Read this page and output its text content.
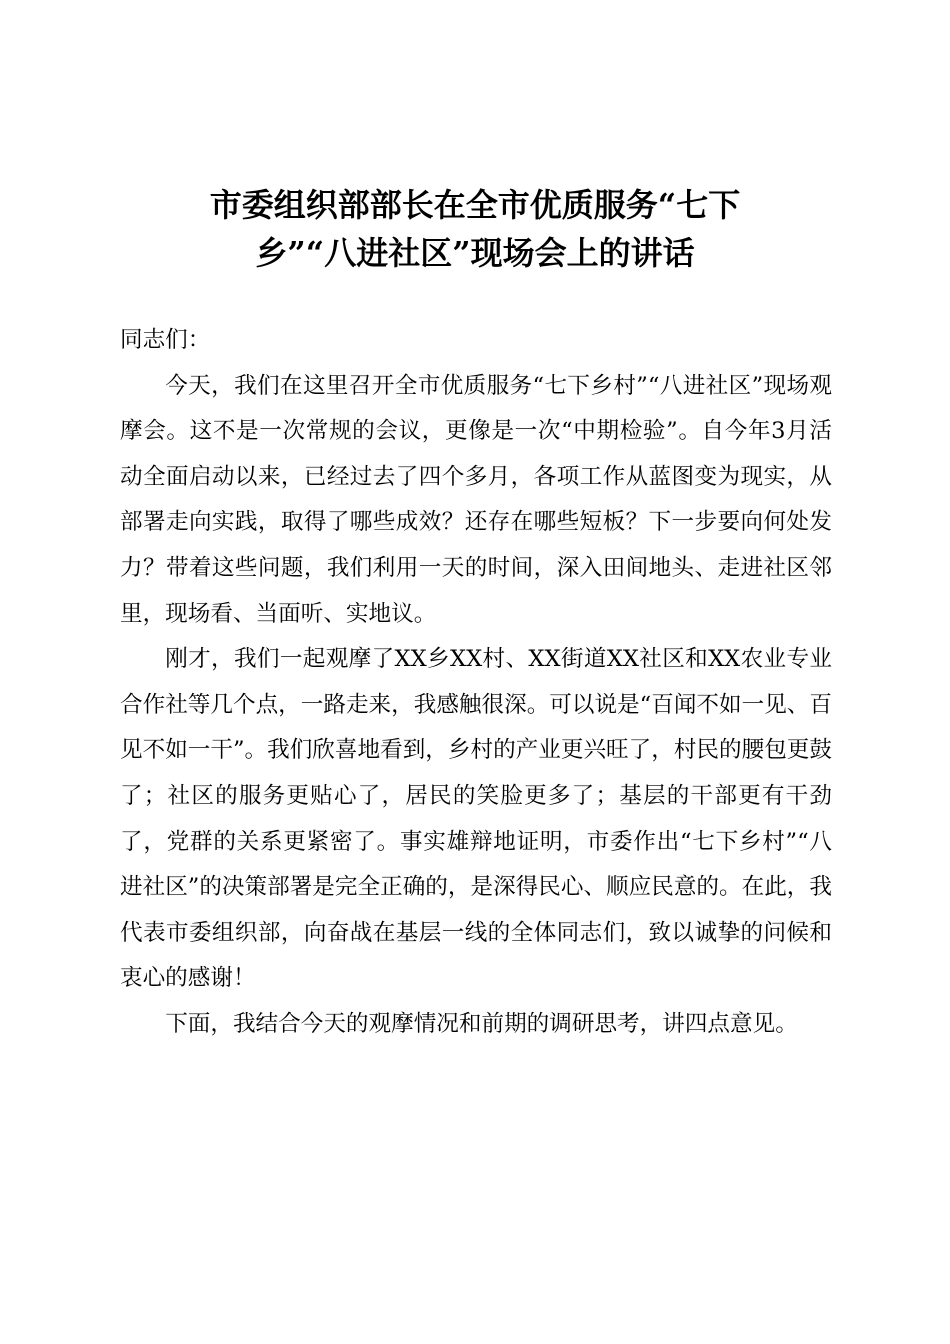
市委组织部部长在全市优质服务“七下
乡”“八进社区”现场会上的讲话

同志们：

今天，我们在这里召开全市优质服务“七下乡村”“八进社区”现场观摩会。这不是一次常规的会议，更像是一次“中期检验”。自今年3月活动全面启动以来，已经过去了四个多月，各项工作从蓝图变为现实，从部署走向实践，取得了哪些成效？还存在哪些短板？下一步要向何处发力？带着这些问题，我们利用一天的时间，深入田间地头、走进社区邻里，现场看、当面听、实地议。

刚才，我们一起观摩了XX乡XX村、XX街道XX社区和XX农业专业合作社等几个点，一路走来，我感触很深。可以说是“百闻不如一见、百见不如一干”。我们欣喜地看到，乡村的产业更兴旺了，村民的腰包更鼓了；社区的服务更贴心了，居民的笑脸更多了；基层的干部更有干劲了，党群的关系更紧密了。事实雄辩地证明，市委作出“七下乡村”“八进社区”的决策部署是完全正确的，是深得民心、顺应民意的。在此，我代表市委组织部，向奋战在基层一线的全体同志们，致以诚挚的问候和衷心的感谢！

下面，我结合今天的观摩情况和前期的调研思考，讲四点意见。
